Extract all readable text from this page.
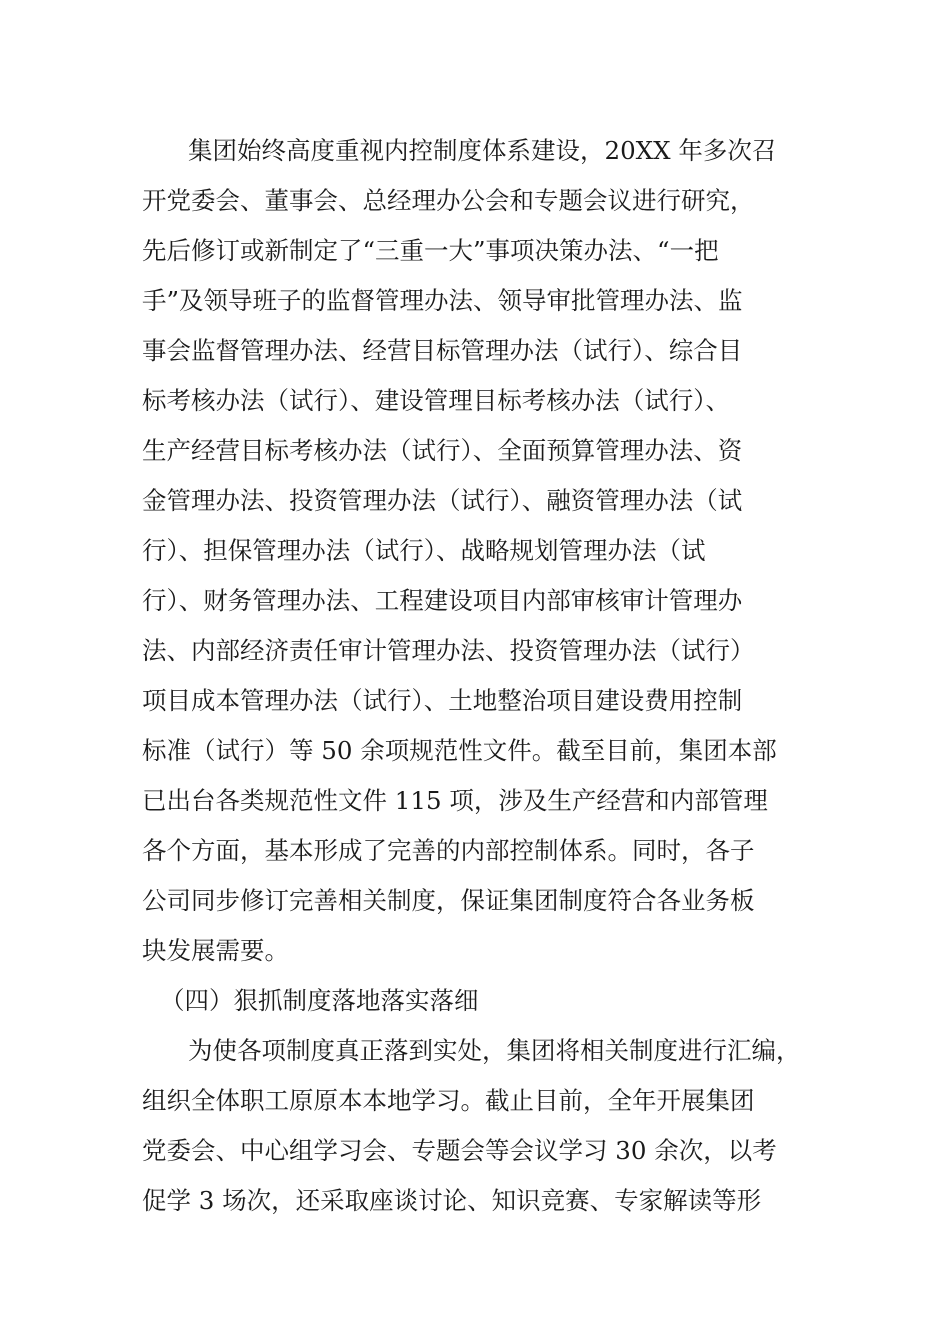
集团始终高度重视内控制度体系建设，20XX 年多次召
开党委会、董事会、总经理办公会和专题会议进行研究，
先后修订或新制定了“三重一大”事项决策办法、“一把
手”及领导班子的监督管理办法、领导审批管理办法、监
事会监督管理办法、经营目标管理办法（试行）、综合目
标考核办法（试行）、建设管理目标考核办法（试行）、
生产经营目标考核办法（试行）、全面预算管理办法、资
金管理办法、投资管理办法（试行）、融资管理办法（试
行）、担保管理办法（试行）、战略规划管理办法（试
行）、财务管理办法、工程建设项目内部审核审计管理办
法、内部经济责任审计管理办法、投资管理办法（试行）
项目成本管理办法（试行）、土地整治项目建设费用控制
标准（试行）等 50 余项规范性文件。截至目前，集团本部
已出台各类规范性文件 115 项，涉及生产经营和内部管理
各个方面，基本形成了完善的内部控制体系。同时，各子
公司同步修订完善相关制度，保证集团制度符合各业务板
块发展需要。
（四）狠抓制度落地落实落细
为使各项制度真正落到实处，集团将相关制度进行汇编，
组织全体职工原原本本地学习。截止目前，全年开展集团
党委会、中心组学习会、专题会等会议学习 30 余次，以考
促学 3 场次，还采取座谈讨论、知识竞赛、专家解读等形
